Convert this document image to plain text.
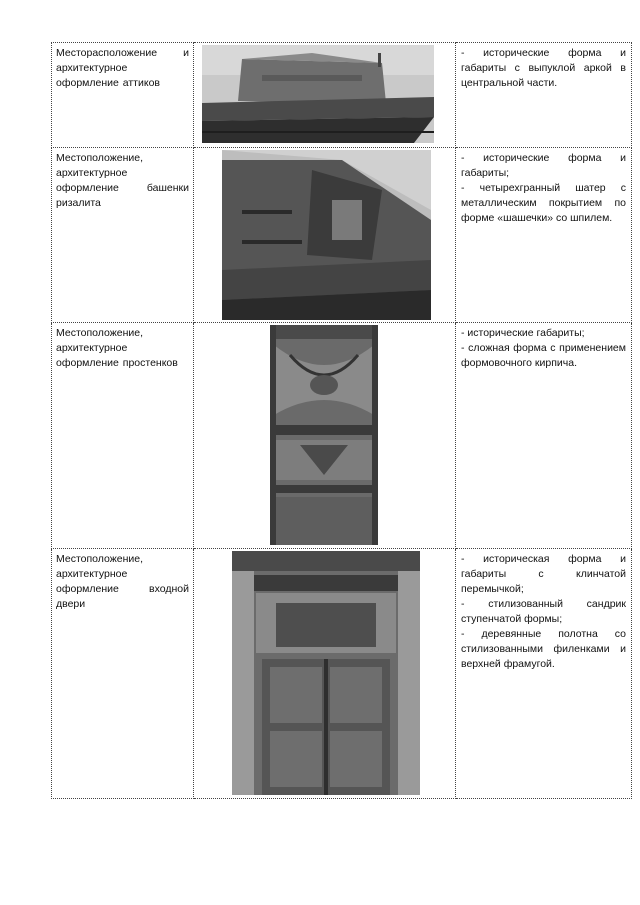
Месторасположение и архитектурное оформление аттиков		- исторические форма и габариты с выпуклой аркой в центральной части.

Местоположение, архитектурное оформление башенки ризалита		- исторические форма и габариты;
- четырехгранный шатер с металлическим покрытием по форме «шашечки» со шпилем.

Местоположение, архитектурное оформление простенков		- исторические габариты;
- сложная форма с применением формовочного кирпича.

Местоположение, архитектурное оформление входной двери		- историческая форма и габариты с клинчатой перемычкой;
- стилизованный сандрик ступенчатой формы;
- деревянные полотна со стилизованными филенками и верхней фрамугой.
